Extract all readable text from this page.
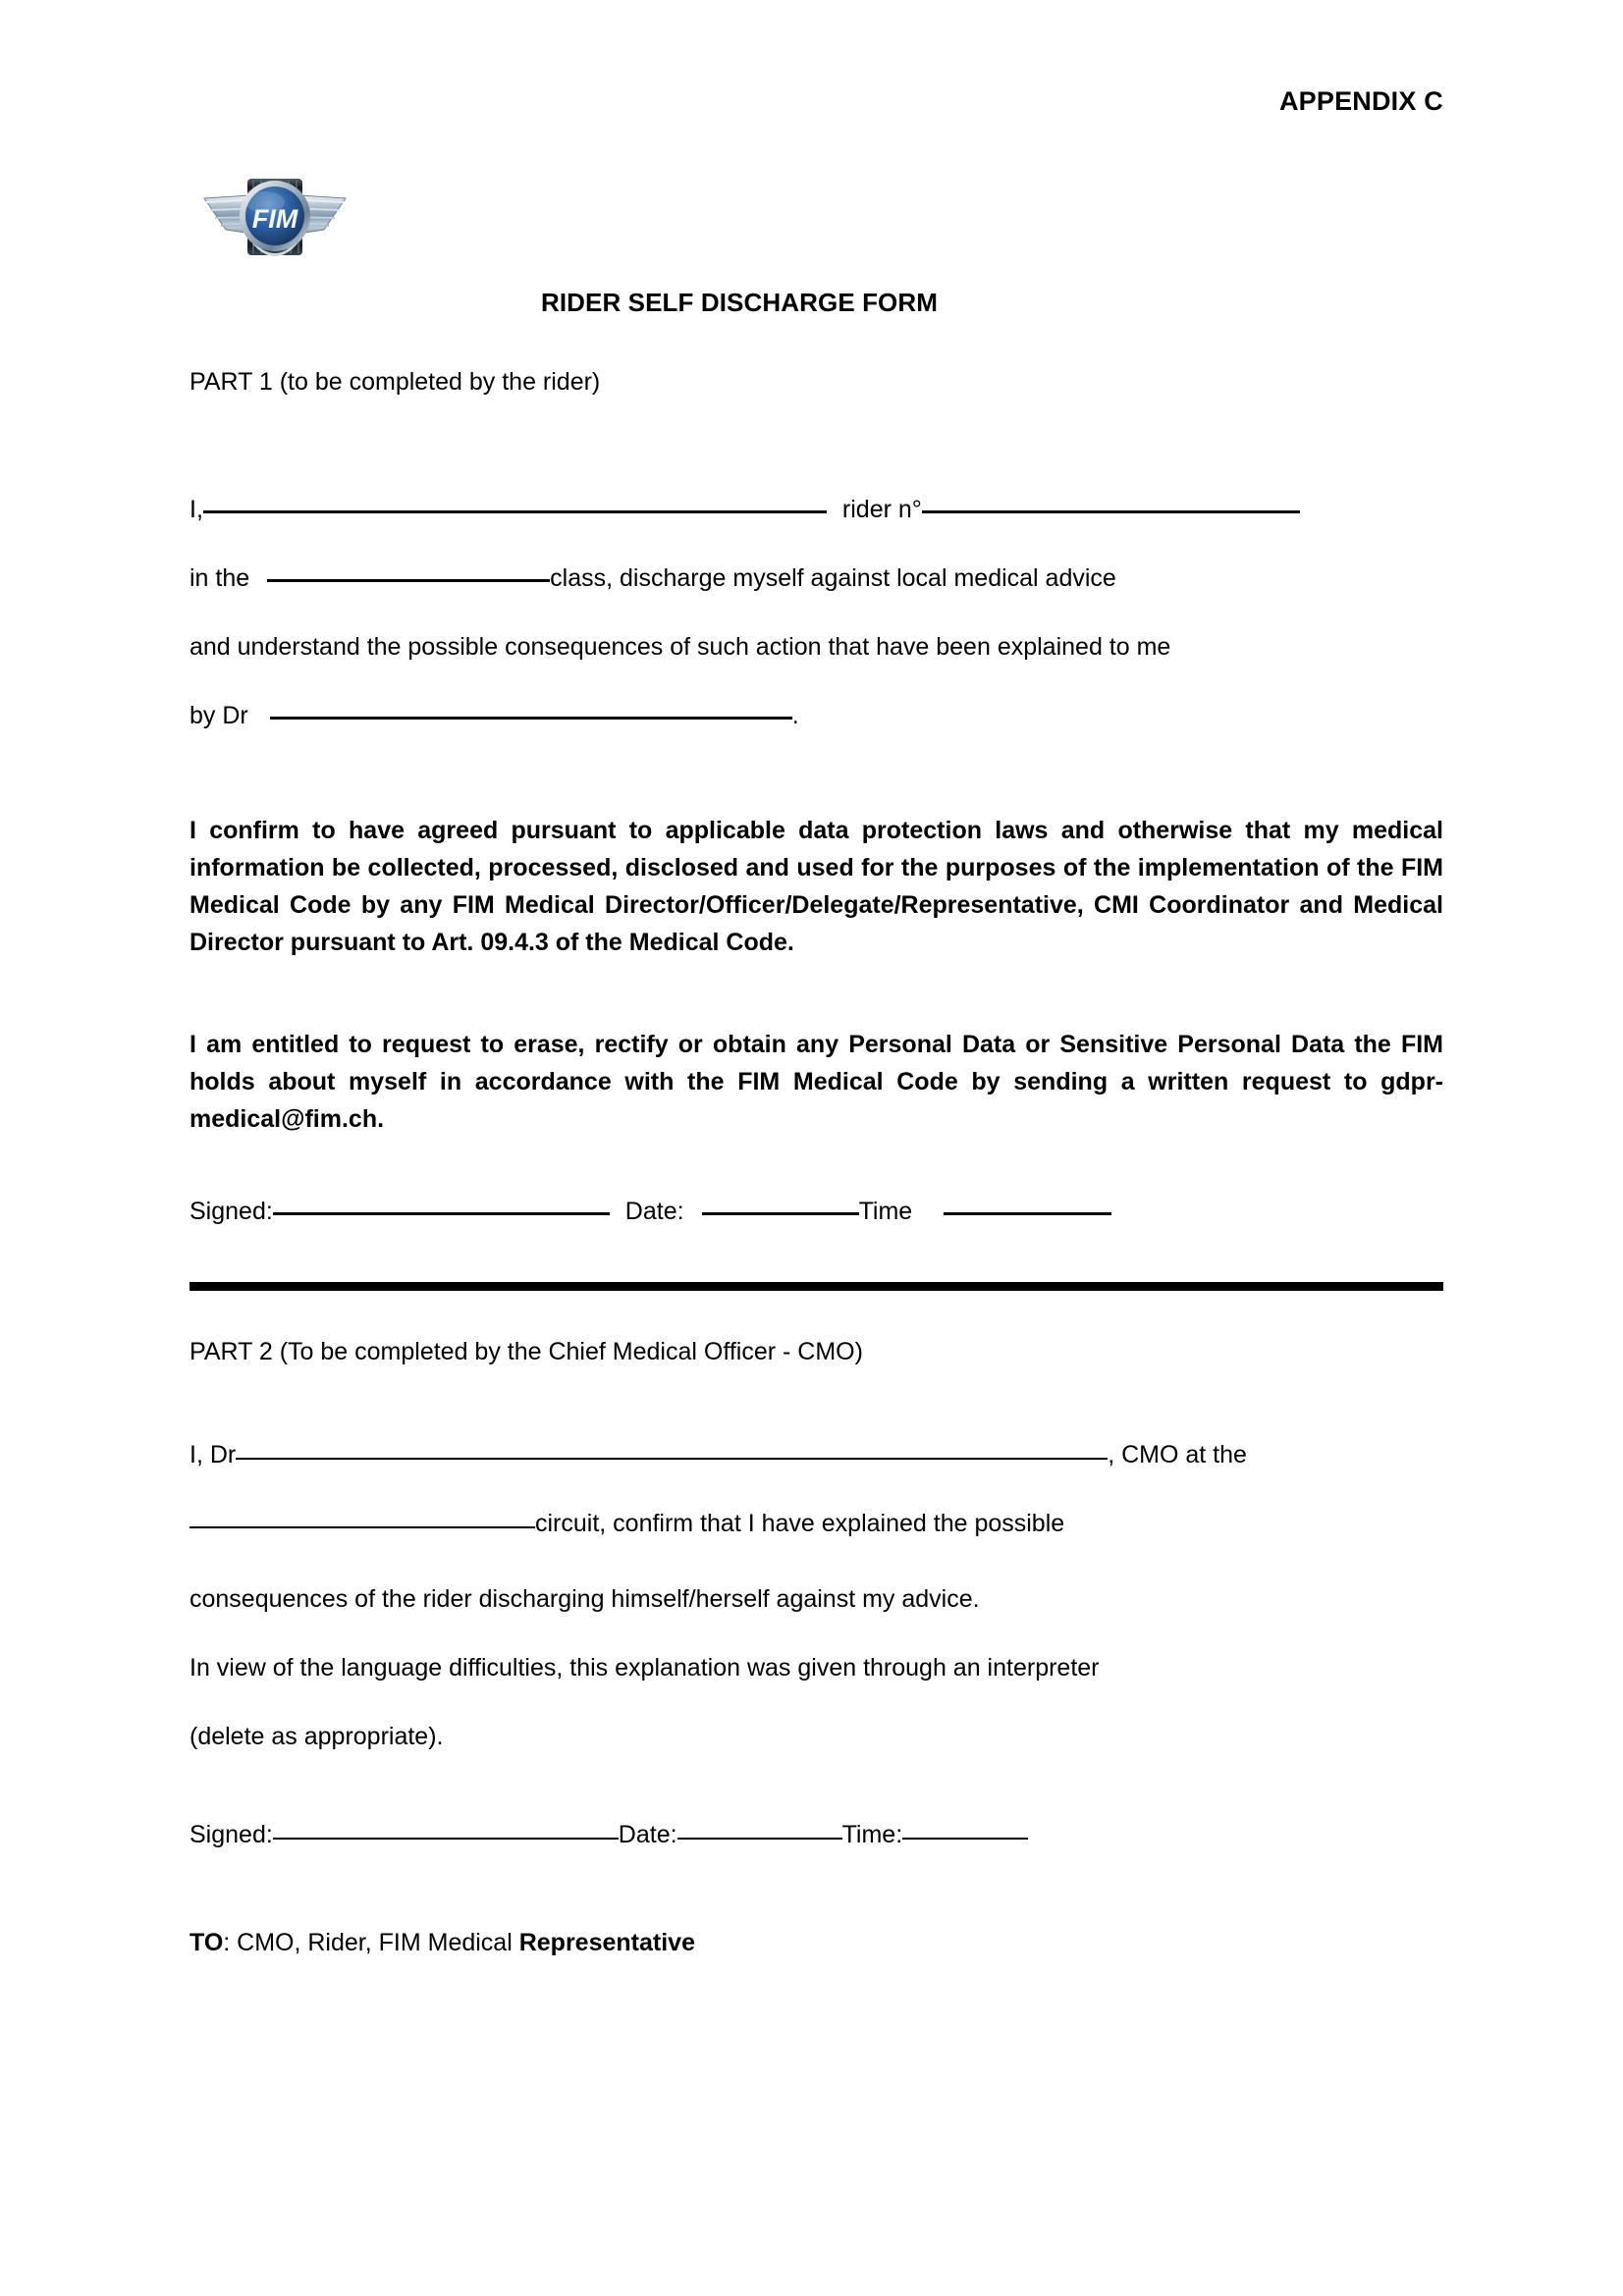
APPENDIX C
FIM
RIDER SELF DISCHARGE FORM
PART 1 (to be completed by the rider)
I,	rider n°
in the	class, discharge myself against local medical advice
and understand the possible consequences of such action that have been explained to me
by Dr	.
I confirm to have agreed pursuant to applicable data protection laws and otherwise that my medical information be collected, processed, disclosed and used for the purposes of the implementation of the FIM Medical Code by any FIM Medical Director/Officer/Delegate/Representative, CMI Coordinator and Medical Director pursuant to Art. 09.4.3 of the Medical Code.
I am entitled to request to erase, rectify or obtain any Personal Data or Sensitive Personal Data the FIM holds about myself in accordance with the FIM Medical Code by sending a written request to gdpr-medical@fim.ch.
Signed:	Date:	Time
PART 2 (To be completed by the Chief Medical Officer - CMO)
I, Dr	, CMO at the
circuit, confirm that I have explained the possible
consequences of the rider discharging himself/herself against my advice.
In view of the language difficulties, this explanation was given through an interpreter
(delete as appropriate).
Signed:	Date:	Time:
TO: CMO, Rider, FIM Medical Representative
